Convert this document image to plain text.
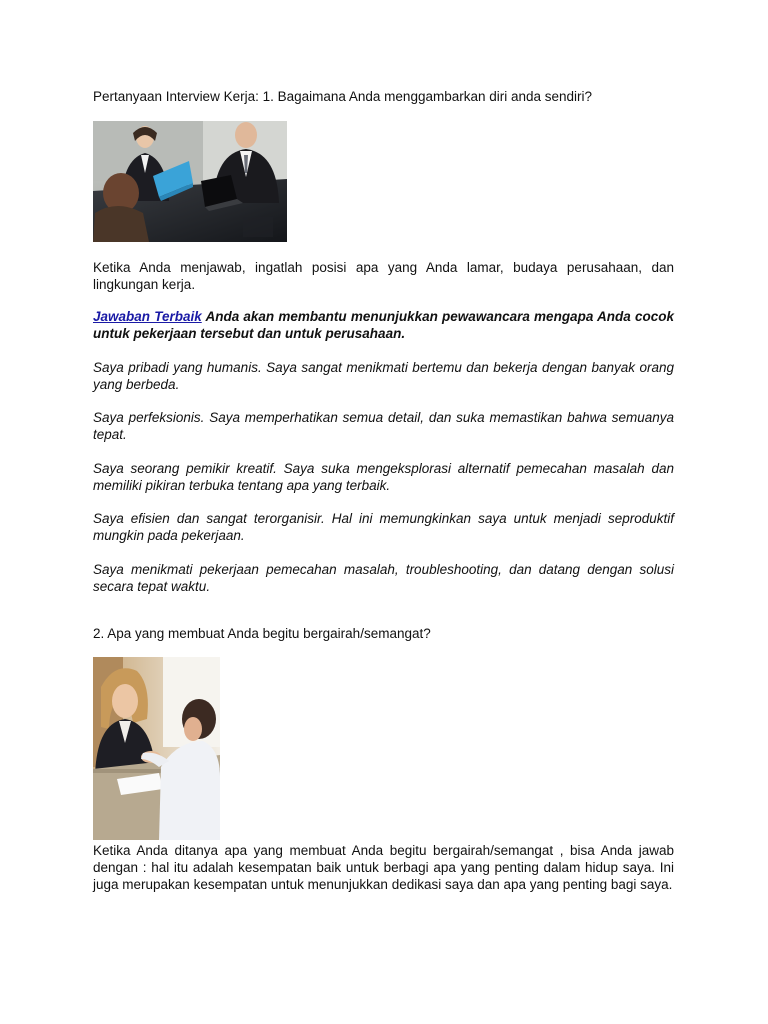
Pertanyaan Interview Kerja: 1. Bagaimana Anda menggambarkan diri anda sendiri?

Ketika Anda menjawab, ingatlah posisi apa yang Anda lamar, budaya perusahaan, dan lingkungan kerja.

Jawaban Terbaik Anda akan membantu menunjukkan pewawancara mengapa Anda cocok untuk pekerjaan tersebut dan untuk perusahaan.

Saya pribadi yang humanis. Saya sangat menikmati bertemu dan bekerja dengan banyak orang yang berbeda.

Saya perfeksionis. Saya memperhatikan semua detail, dan suka memastikan bahwa semuanya tepat.

Saya seorang pemikir kreatif. Saya suka mengeksplorasi alternatif pemecahan masalah dan memiliki pikiran terbuka tentang apa yang terbaik.

Saya efisien dan sangat terorganisir. Hal ini memungkinkan saya untuk menjadi seproduktif mungkin pada pekerjaan.

Saya menikmati pekerjaan pemecahan masalah, troubleshooting, dan datang dengan solusi secara tepat waktu.

2. Apa yang membuat Anda begitu bergairah/semangat?

Ketika Anda ditanya apa yang membuat Anda begitu bergairah/semangat , bisa Anda jawab dengan : hal itu adalah kesempatan baik untuk berbagi apa yang penting dalam hidup saya. Ini juga merupakan kesempatan untuk menunjukkan dedikasi saya dan apa yang penting bagi saya.
